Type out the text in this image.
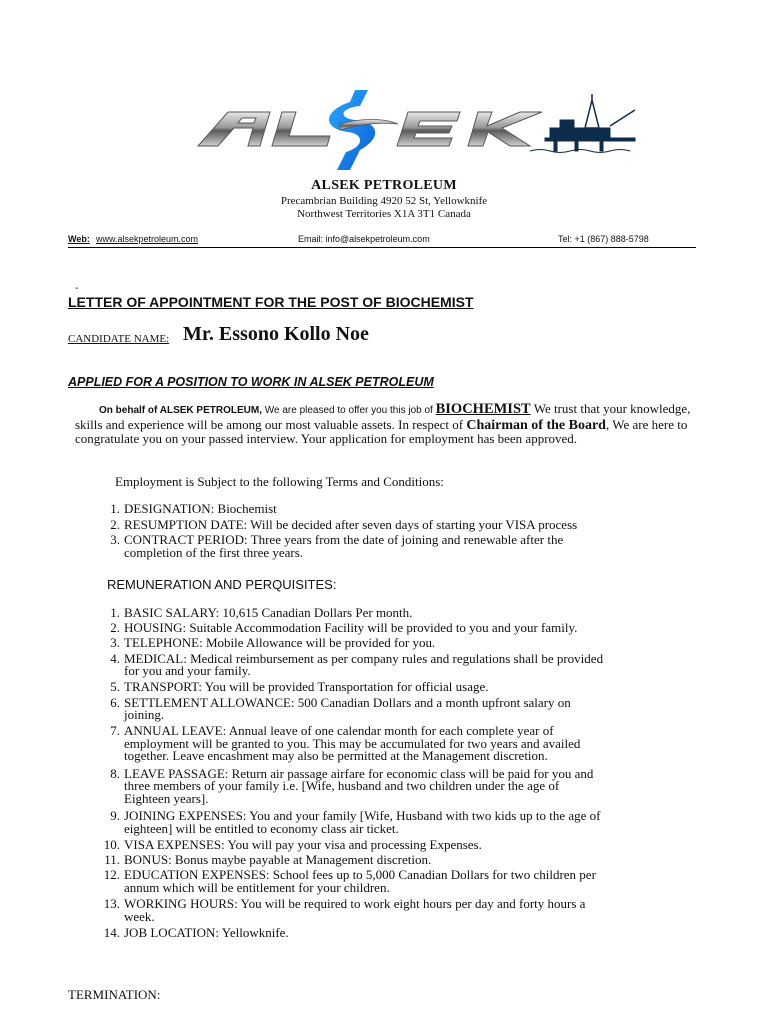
ALSEK PETROLEUM
Precambrian Building 4920 52 St, Yellowknife
Northwest Territories X1A 3T1 Canada
Web: www.alsekpetroleum.com	Email: info@alsekpetroleum.com	Tel: +1 (867) 888-5798
-
LETTER OF APPOINTMENT FOR THE POST OF BIOCHEMIST
CANDIDATE NAME: Mr. Essono Kollo Noe
APPLIED FOR A POSITION TO WORK IN ALSEK PETROLEUM
On behalf of ALSEK PETROLEUM, We are pleased to offer you this job of BIOCHEMIST We trust that your knowledge, skills and experience will be among our most valuable assets. In respect of Chairman of the Board, We are here to congratulate you on your passed interview. Your application for employment has been approved.
Employment is Subject to the following Terms and Conditions:
1. DESIGNATION: Biochemist
2. RESUMPTION DATE: Will be decided after seven days of starting your VISA process
3. CONTRACT PERIOD: Three years from the date of joining and renewable after the
completion of the first three years.
REMUNERATION AND PERQUISITES:
1. BASIC SALARY: 10,615 Canadian Dollars Per month.
2. HOUSING: Suitable Accommodation Facility will be provided to you and your family.
3. TELEPHONE: Mobile Allowance will be provided for you.
4. MEDICAL: Medical reimbursement as per company rules and regulations shall be provided
for you and your family.
5. TRANSPORT: You will be provided Transportation for official usage.
6. SETTLEMENT ALLOWANCE: 500 Canadian Dollars and a month upfront salary on
joining.
7. ANNUAL LEAVE: Annual leave of one calendar month for each complete year of
employment will be granted to you. This may be accumulated for two years and availed
together. Leave encashment may also be permitted at the Management discretion.
8. LEAVE PASSAGE: Return air passage airfare for economic class will be paid for you and
three members of your family i.e. [Wife, husband and two children under the age of
Eighteen years].
9. JOINING EXPENSES: You and your family [Wife, Husband with two kids up to the age of
eighteen] will be entitled to economy class air ticket.
10. VISA EXPENSES: You will pay your visa and processing Expenses.
11. BONUS: Bonus maybe payable at Management discretion.
12. EDUCATION EXPENSES: School fees up to 5,000 Canadian Dollars for two children per
annum which will be entitlement for your children.
13. WORKING HOURS: You will be required to work eight hours per day and forty hours a
week.
14. JOB LOCATION: Yellowknife.
TERMINATION:
